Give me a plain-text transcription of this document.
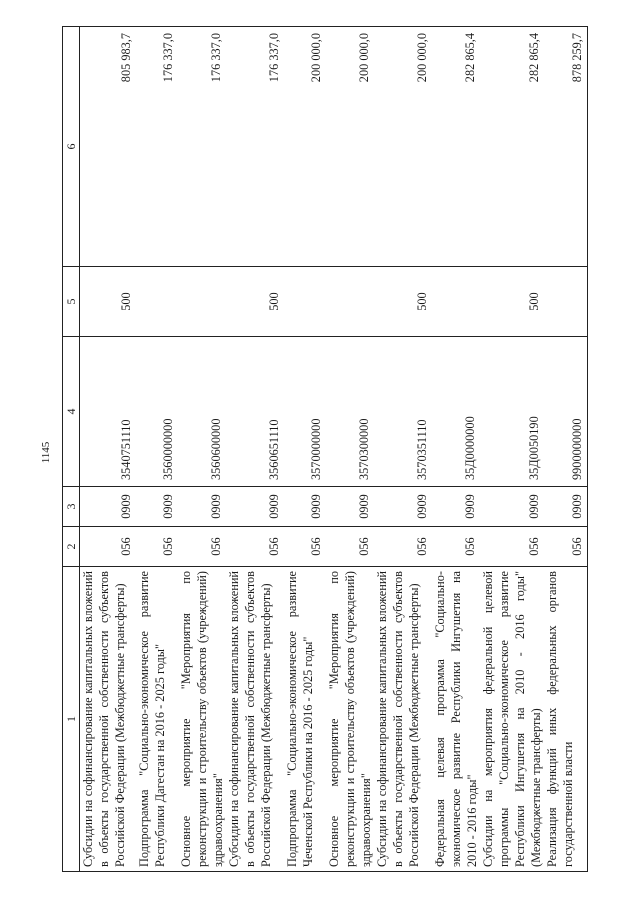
1145
1	2	3	4	5	6
Субсидии на софинансирование капитальных вложений в объекты государственной собственности субъектов Российской Федерации (Межбюджетные трансферты)	056	0909	3540751110	500	805 983,7
Подпрограмма "Социально-экономическое развитие Республики Дагестан на 2016 - 2025 годы"	056	0909	3560000000		176 337,0
Основное мероприятие "Мероприятия по реконструкции и строительству объектов (учреждений) здравоохранения"	056	0909	3560600000		176 337,0
Субсидии на софинансирование капитальных вложений в объекты государственной собственности субъектов Российской Федерации (Межбюджетные трансферты)	056	0909	3560651110	500	176 337,0
Подпрограмма "Социально-экономическое развитие Чеченской Республики на 2016 - 2025 годы"	056	0909	3570000000		200 000,0
Основное мероприятие "Мероприятия по реконструкции и строительству объектов (учреждений) здравоохранения"	056	0909	3570300000		200 000,0
Субсидии на софинансирование капитальных вложений в объекты государственной собственности субъектов Российской Федерации (Межбюджетные трансферты)	056	0909	3570351110	500	200 000,0
Федеральная целевая программа "Социально-экономическое развитие Республики Ингушетия на 2010 - 2016 годы"	056	0909	35Д0000000		282 865,4
Субсидии на мероприятия федеральной целевой программы "Социально-экономическое развитие Республики Ингушетия на 2010 - 2016 годы" (Межбюджетные трансферты)	056	0909	35Д0050190	500	282 865,4
Реализация функций иных федеральных органов государственной власти	056	0909	9900000000		878 259,7
